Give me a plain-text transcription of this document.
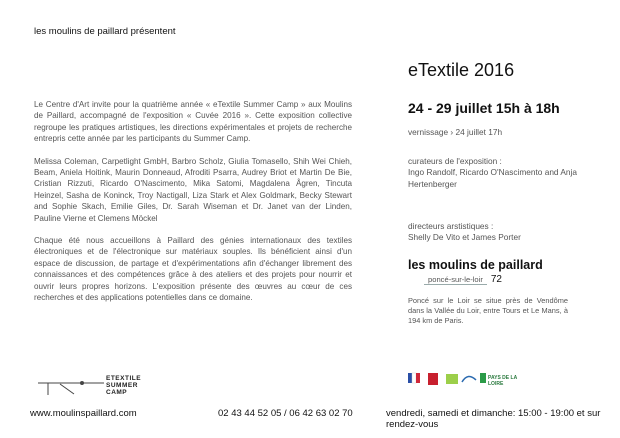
les moulins de paillard présentent

Le Centre d'Art invite pour la quatrième année « eTextile Summer Camp » aux Moulins de Paillard, accompagné de l'exposition « Cuvée 2016 ». Cette exposition collective regroupe les pratiques artistiques, les directions expérimentales et projets de recherche entrepris cette année par les participants du Summer Camp.

Melissa Coleman, Carpetlight GmbH, Barbro Scholz, Giulia Tomasello, Shih Wei Chieh, Beam, Aniela Hoitink, Maurin Donneaud, Afroditi Psarra, Audrey Briot et Martin De Bie, Cristian Rizzuti, Ricardo O'Nascimento, Mika Satomi, Magdalena Ågren, Tincuta Heinzel, Sasha de Koninck, Troy Nactigall, Liza Stark et Alex Goldmark, Becky Stewart and Sophie Skach, Emilie Giles, Dr. Sarah Wiseman et Dr. Janet van der Linden, Pauline Vierne et Clemens Möckel

Chaque été nous accueillons à Paillard des génies internationaux des textiles électroniques et de l'électronique sur matériaux souples. Ils bénéficient ainsi d'un espace de discussion, de partage et d'expérimentations afin d'échanger librement des connaissances et des compétences grâce à des ateliers et des projets pour nourrir et ouvrir leurs propres horizons. L'exposition présente des œuvres au cœur de ces recherches et des applications potentielles dans ce domaine.

eTextile 2016
24 - 29 juillet 15h à 18h
vernissage › 24 juillet 17h
curateurs de l'exposition :
Ingo Randolf, Ricardo O'Nascimento and Anja Hertenberger
directeurs arstistiques :
Shelly De Vito et James Porter
les moulins de paillard
poncé-sur-le-loir 72
Poncé sur le Loir se situe près de Vendôme dans la Vallée du Loir, entre Tours et Le Mans, à 194 km de Paris.
ETEXTILE SUMMER CAMP
PAYS DE LA LOIRE
www.moulinspaillard.com	02 43 44 52 05 / 06 42 63 02 70	vendredi, samedi et dimanche: 15:00 - 19:00 et sur rendez-vous
